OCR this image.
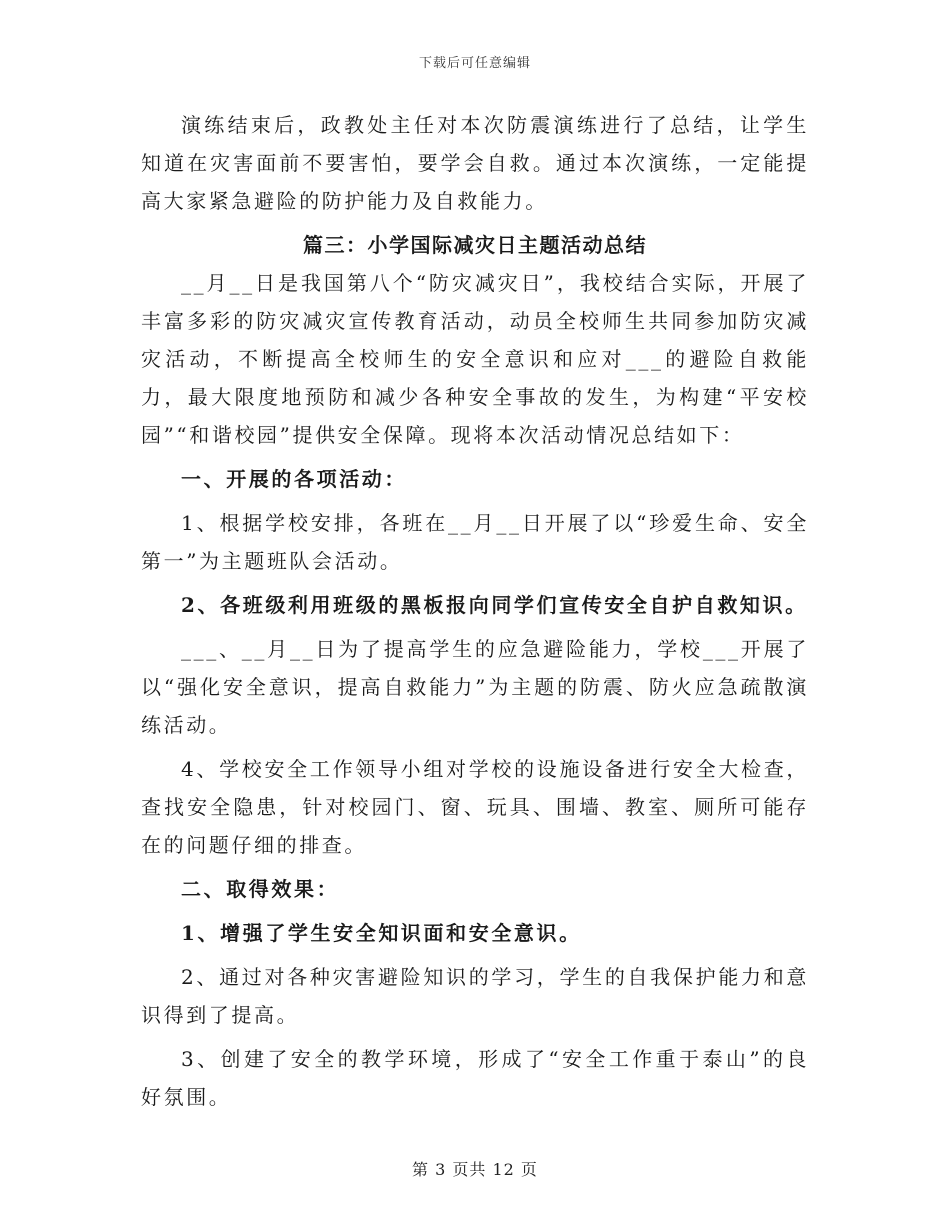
下载后可任意编辑

演练结束后，政教处主任对本次防震演练进行了总结，让学生知道在灾害面前不要害怕，要学会自救。通过本次演练，一定能提高大家紧急避险的防护能力及自救能力。

篇三：小学国际减灾日主题活动总结

__月__日是我国第八个“防灾减灾日”，我校结合实际，开展了丰富多彩的防灾减灾宣传教育活动，动员全校师生共同参加防灾减灾活动，不断提高全校师生的安全意识和应对___的避险自救能力，最大限度地预防和减少各种安全事故的发生，为构建“平安校园”“和谐校园”提供安全保障。现将本次活动情况总结如下：

一、开展的各项活动：

1、根据学校安排，各班在__月__日开展了以“珍爱生命、安全第一”为主题班队会活动。

2、各班级利用班级的黑板报向同学们宣传安全自护自救知识。

___、__月__日为了提高学生的应急避险能力，学校___开展了以“强化安全意识，提高自救能力”为主题的防震、防火应急疏散演练活动。

4、学校安全工作领导小组对学校的设施设备进行安全大检查，查找安全隐患，针对校园门、窗、玩具、围墙、教室、厕所可能存在的问题仔细的排查。

二、取得效果：

1、增强了学生安全知识面和安全意识。

2、通过对各种灾害避险知识的学习，学生的自我保护能力和意识得到了提高。

3、创建了安全的教学环境，形成了“安全工作重于泰山”的良好氛围。

第 3 页共 12 页
